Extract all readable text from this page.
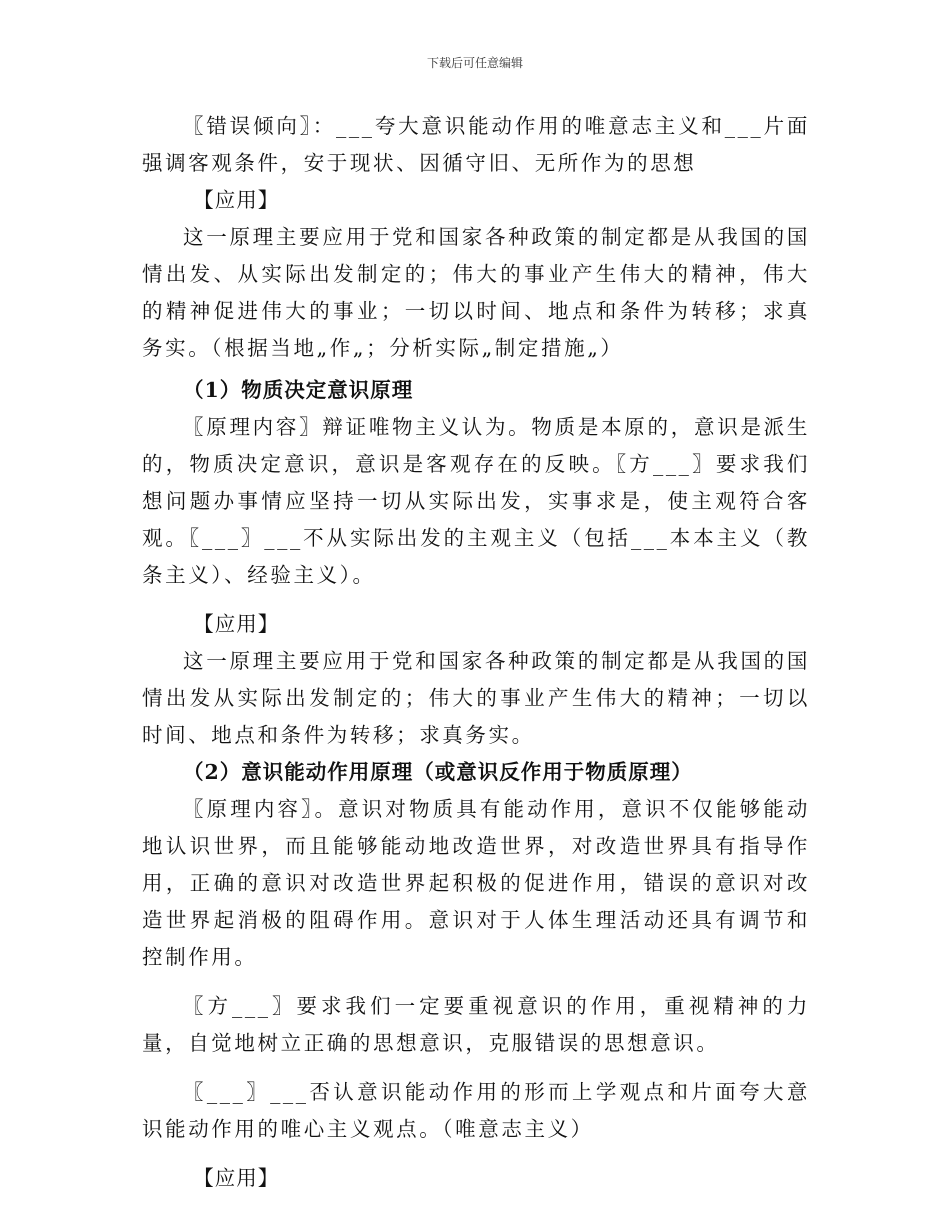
下载后可任意编辑

〖错误倾向〗：___夸大意识能动作用的唯意志主义和___片面强调客观条件，安于现状、因循守旧、无所作为的思想

【应用】

这一原理主要应用于党和国家各种政策的制定都是从我国的国情出发、从实际出发制定的；伟大的事业产生伟大的精神，伟大的精神促进伟大的事业；一切以时间、地点和条件为转移；求真务实。（根据当地„作„；分析实际„制定措施„）

（1）物质决定意识原理

〖原理内容〗辩证唯物主义认为。物质是本原的，意识是派生的，物质决定意识，意识是客观存在的反映。〖方___〗要求我们想问题办事情应坚持一切从实际出发，实事求是，使主观符合客观。〖___〗___不从实际出发的主观主义（包括___本本主义（教条主义）、经验主义）。

【应用】

这一原理主要应用于党和国家各种政策的制定都是从我国的国情出发从实际出发制定的；伟大的事业产生伟大的精神；一切以时间、地点和条件为转移；求真务实。

（2）意识能动作用原理（或意识反作用于物质原理）

〖原理内容〗。意识对物质具有能动作用，意识不仅能够能动地认识世界，而且能够能动地改造世界，对改造世界具有指导作用，正确的意识对改造世界起积极的促进作用，错误的意识对改造世界起消极的阻碍作用。意识对于人体生理活动还具有调节和控制作用。

〖方___〗要求我们一定要重视意识的作用，重视精神的力量，自觉地树立正确的思想意识，克服错误的思想意识。

〖___〗___否认意识能动作用的形而上学观点和片面夸大意识能动作用的唯心主义观点。（唯意志主义）

【应用】
